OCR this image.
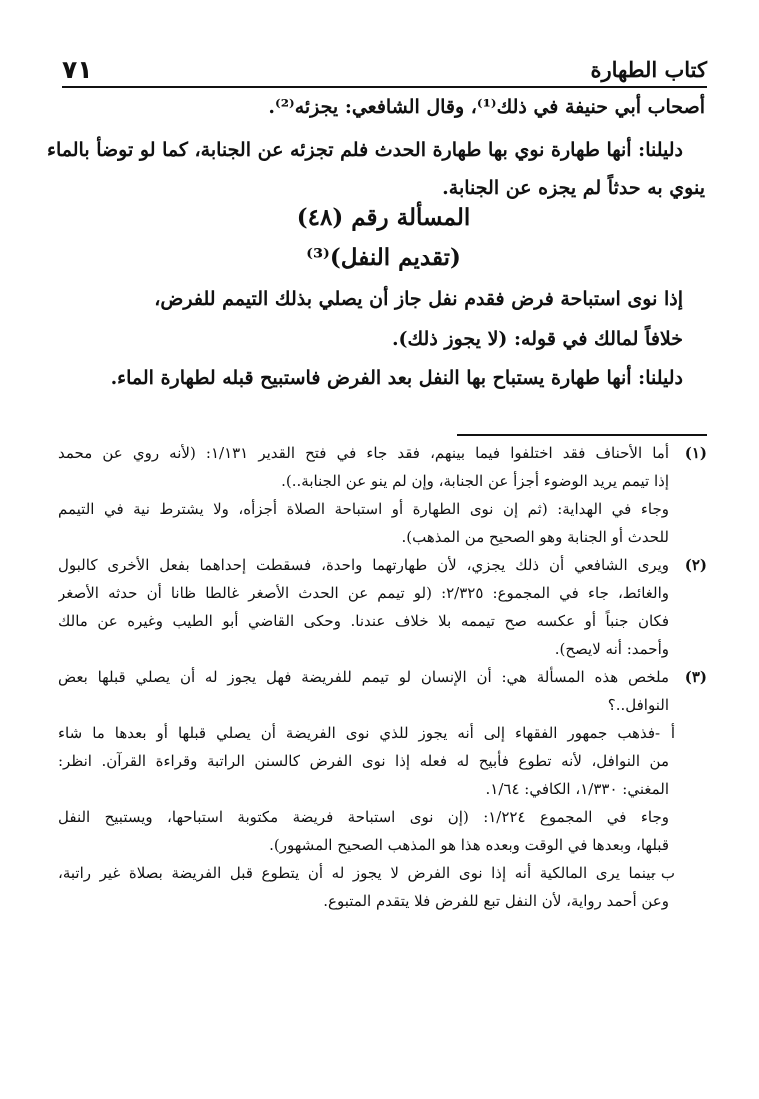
كتاب الطهارة
٧١
أصحاب أبي حنيفة في ذلك⁽¹⁾، وقال الشافعي: يجزئه⁽²⁾.
دليلنا: أنها طهارة نوي بها طهارة الحدث فلم تجزئه عن الجنابة، كما لو توضأ بالماء
ينوي به حدثاً لم يجزه عن الجنابة.
المسألة رقم (٤٨)
(تقديم النفل)⁽³⁾
إذا نوى استباحة فرض فقدم نفل جاز أن يصلي بذلك التيمم للفرض،
خلافاً لمالك في قوله: (لا يجوز ذلك).
دليلنا: أنها طهارة يستباح بها النفل بعد الفرض فاستبيح قبله لطهارة الماء.
(١)
أما الأحناف فقد اختلفوا فيما بينهم، فقد جاء في فتح القدير ١/١٣١: (لأنه روي عن محمد
إذا تيمم يريد الوضوء أجزأ عن الجنابة، وإن لم ينو عن الجنابة..).
وجاء في الهداية: (ثم إن نوى الطهارة أو استباحة الصلاة أجزأه، ولا يشترط نية في التيمم
للحدث أو الجنابة وهو الصحيح من المذهب).
(٢)
ويرى الشافعي أن ذلك يجزي، لأن طهارتهما واحدة، فسقطت إحداهما بفعل الأخرى كالبول
والغائط، جاء في المجموع: ٢/٣٢٥: (لو تيمم عن الحدث الأصغر غالطا ظانا أن حدثه الأصغر
فكان جنباً أو عكسه صح تيممه بلا خلاف عندنا. وحكى القاضي أبو الطيب وغيره عن مالك
وأحمد: أنه لايصح).
(٣)
ملخص هذه المسألة هي: أن الإنسان لو تيمم للفريضة فهل يجوز له أن يصلي قبلها بعض
النوافل..؟
أ -
فذهب جمهور الفقهاء إلى أنه يجوز للذي نوى الفريضة أن يصلي قبلها أو بعدها ما شاء
من النوافل، لأنه تطوع فأبيح له فعله إذا نوى الفرض كالسنن الراتبة وقراءة القرآن. انظر:
المغني: ١/٣٣٠، الكافي: ١/٦٤.
وجاء في المجموع ١/٢٢٤: (إن نوى استباحة فريضة مكتوبة استباحها، ويستبيح النفل
قبلها، وبعدها في الوقت وبعده هذا هو المذهب الصحيح المشهور).
ب -
بينما يرى المالكية أنه إذا نوى الفرض لا يجوز له أن يتطوع قبل الفريضة بصلاة غير راتبة،
وعن أحمد رواية، لأن النفل تبع للفرض فلا يتقدم المتبوع.
